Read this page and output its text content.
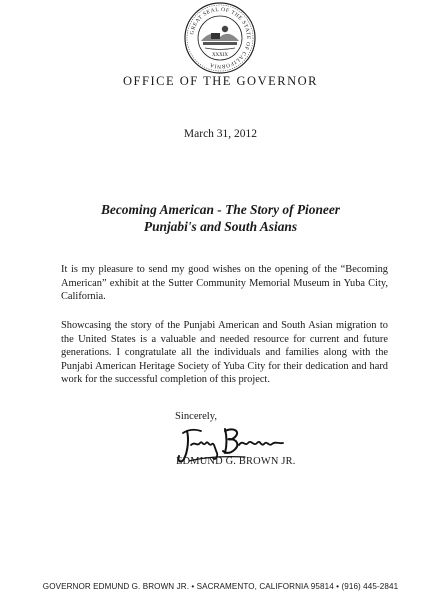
GREAT SEAL OF THE STATE OF CALIFORNIA
XXXIX
OFFICE OF THE GOVERNOR
March 31, 2012
Becoming American - The Story of Pioneer
Punjabi's and South Asians
It is my pleasure to send my good wishes on the opening of the “Becoming American” exhibit at the Sutter Community Memorial Museum in Yuba City, California.
Showcasing the story of the Punjabi American and South Asian migration to the United States is a valuable and needed resource for current and future generations. I congratulate all the individuals and families along with the Punjabi American Heritage Society of Yuba City for their dedication and hard work for the successful completion of this project.
Sincerely,
EDMUND G. BROWN JR.
GOVERNOR EDMUND G. BROWN JR. • SACRAMENTO, CALIFORNIA 95814 • (916) 445-2841
